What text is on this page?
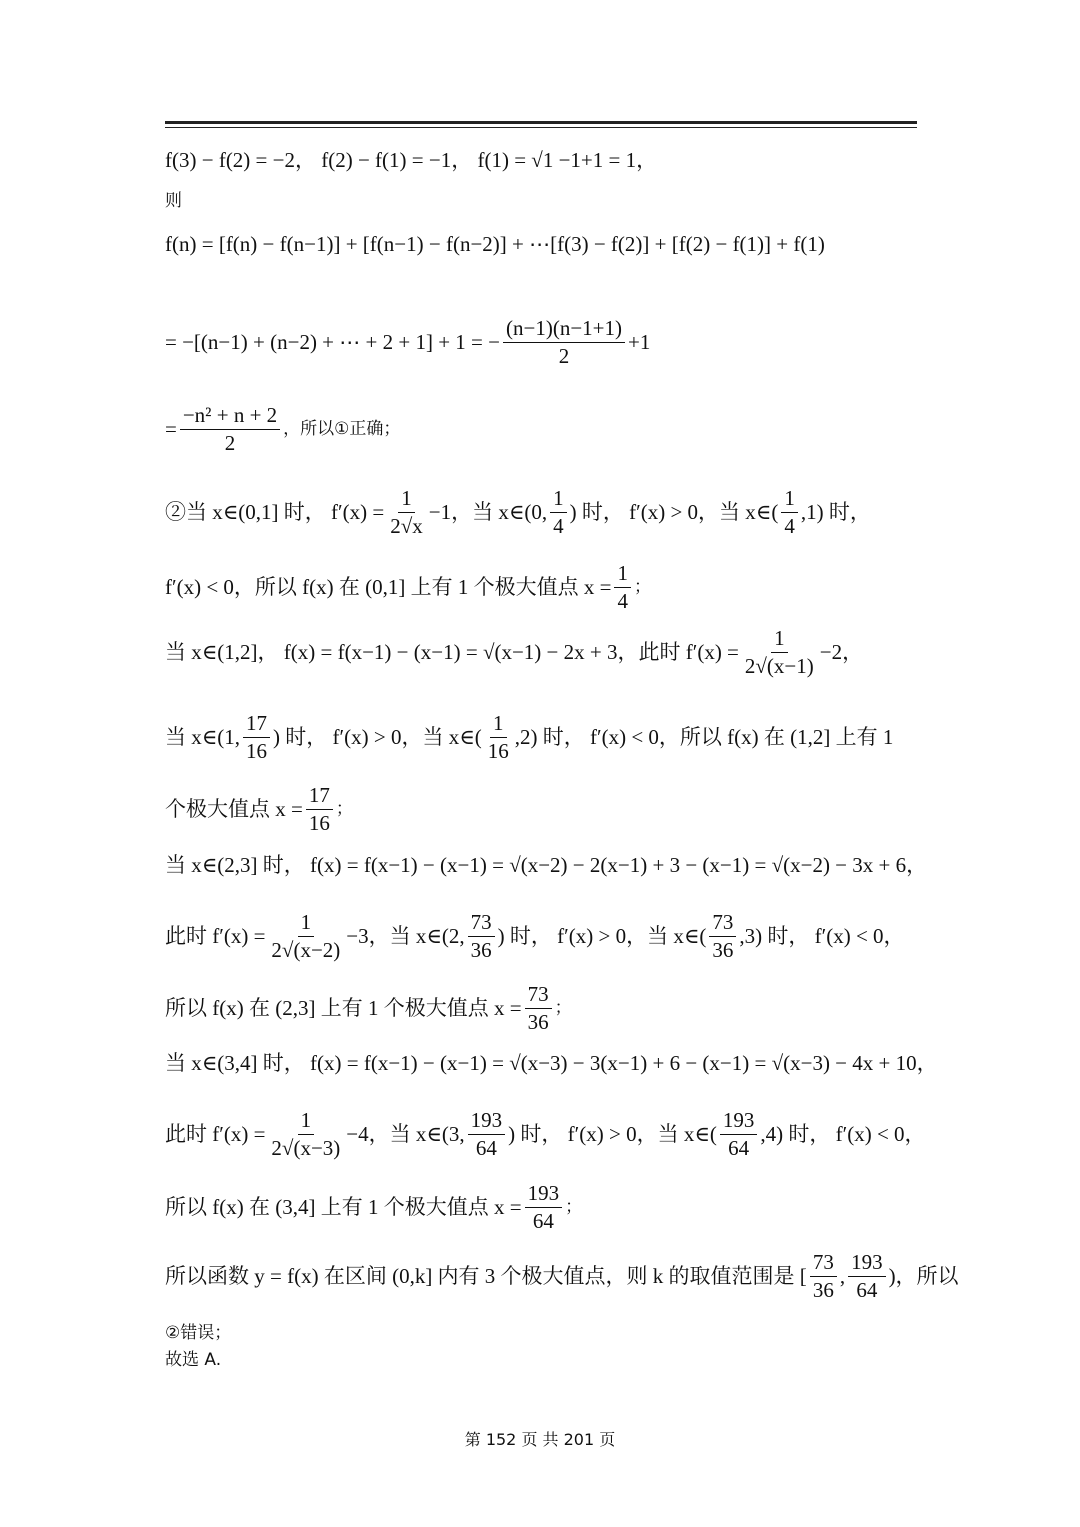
f(3) − f(2) = −2， f(2) − f(1) = −1， f(1) = √1 −1+1 = 1，
则
f(n) = [f(n) − f(n−1)] + [f(n−1) − f(n−2)] + ⋯[f(3) − f(2)] + [f(2) − f(1)] + f(1)
= −[(n−1) + (n−2) + ⋯ + 2 + 1] + 1 = − $\frac{(n-1)(n-1+1)}{2} +1$
= $\frac{\text{−n² + n + 2}}{2}$ ，所以①正确；
②当 x∈(0,1] 时， $f'(x) = \frac{1}{2√x} -1$，当 x∈(0, $\frac{1}{4}$ ) 时， f′(x) > 0，当 x∈( $\frac{1}{4} ,1$) 时，
f′(x) < 0，所以 f(x) 在 (0,1] 上有 1 个极大值点 $x = \frac{1}{4}$ ；
当 x∈(1,2]， f(x) = f(x−1) − (x−1) = √(x−1) − 2x + 3，此时 $f'(x) = \frac{1}{2√(x-1)} -2$，
当 x∈(1, $\frac{17}{16}$ ) 时， f′(x) > 0，当 x∈( $\frac{1}{16} ,2$) 时， f′(x) < 0，所以 f(x) 在 (1,2] 上有 1
个极大值点 $x = \frac{17}{16}$ ；
当 x∈(2,3] 时， f(x) = f(x−1) − (x−1) = √(x−2) − 2(x−1) + 3 − (x−1) = √(x−2) − 3x + 6，
此时 $f'(x) = \frac{1}{2√(x-2)} -3$，当 x∈(2, $\frac{73}{36}$ ) 时， f′(x) > 0，当 x∈( $\frac{73}{36} ,3$) 时， f′(x) < 0，
所以 f(x) 在 (2,3] 上有 1 个极大值点 $x = \frac{73}{36}$ ；
当 x∈(3,4] 时， f(x) = f(x−1) − (x−1) = √(x−3) − 3(x−1) + 6 − (x−1) = √(x−3) − 4x + 10，
此时 $f'(x) = \frac{1}{2√(x-3)} -4$，当 x∈(3, $\frac{193}{64}$ ) 时， f′(x) > 0，当 x∈( $\frac{193}{64} ,4$) 时， f′(x) < 0，
所以 f(x) 在 (3,4] 上有 1 个极大值点 $x = \frac{193}{64}$ ；
所以函数 y = f(x) 在区间 (0,k] 内有 3 个极大值点，则 k 的取值范围是 [ $\frac{73}{36}$ , $\frac{193}{64}$ )，所以
②错误；
故选 A.
第 152 页 共 201 页
